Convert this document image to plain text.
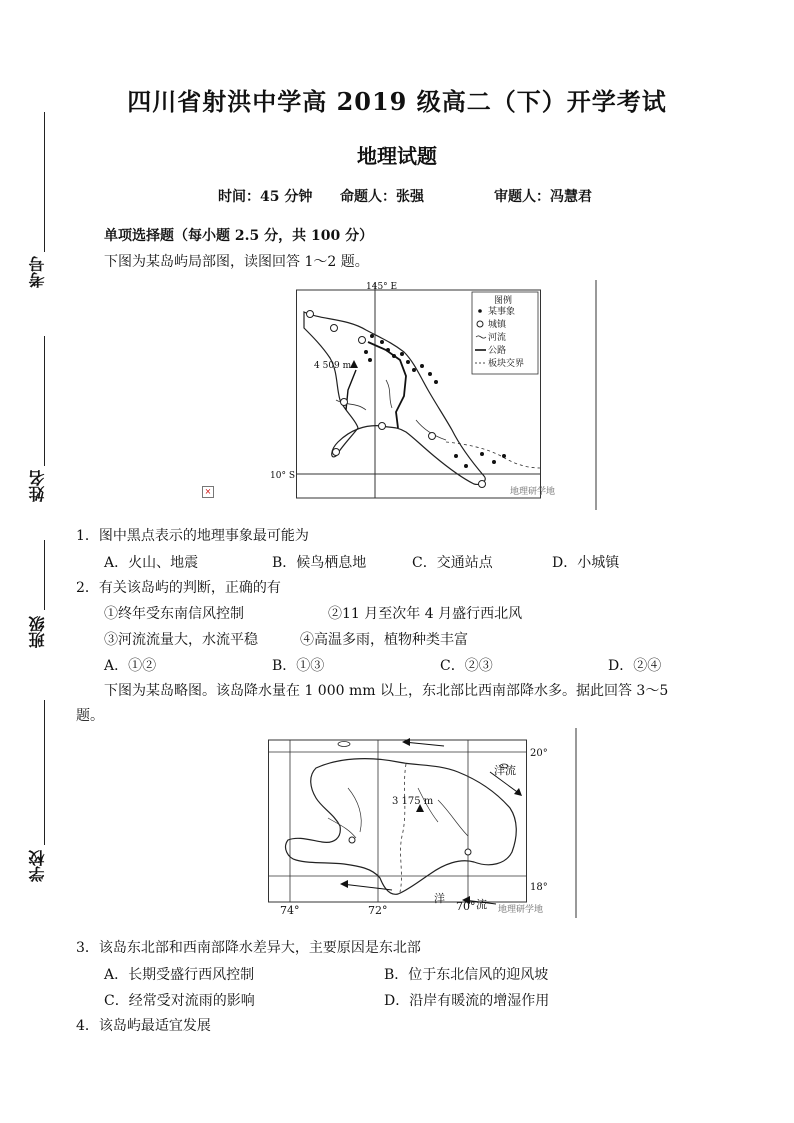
考号
姓名
班级
学校
四川省射洪中学高 2019 级高二（下）开学考试
地理试题
时间：45 分钟 命题人：张强	审题人：冯慧君
单项选择题（每小题 2.5 分，共 100 分）
下图为某岛屿局部图，读图回答 1～2 题。
4 509 m
145° E
10° S
图例
某事象
城镇
河流
公路
板块交界
地理研学地
×
1．图中黑点表示的地理事象最可能为
A．火山、地震	B．候鸟栖息地	C．交通站点	D．小城镇
2．有关该岛屿的判断，正确的有
①终年受东南信风控制	②11 月至次年 4 月盛行西北风
③河流流量大，水流平稳	④高温多雨，植物种类丰富
A．①②	B．①③	C．②③	D．②④
下图为某岛略图。该岛降水量在 1 000 mm 以上，东北部比西南部降水多。据此回答 3～5
题。
3 175 m
20°
18°
74°	72°	70°
洋流
洋	流 地理研学地
3．该岛东北部和西南部降水差异大，主要原因是东北部
A．长期受盛行西风控制	B．位于东北信风的迎风坡
C．经常受对流雨的影响	D．沿岸有暖流的增湿作用
4．该岛屿最适宜发展
